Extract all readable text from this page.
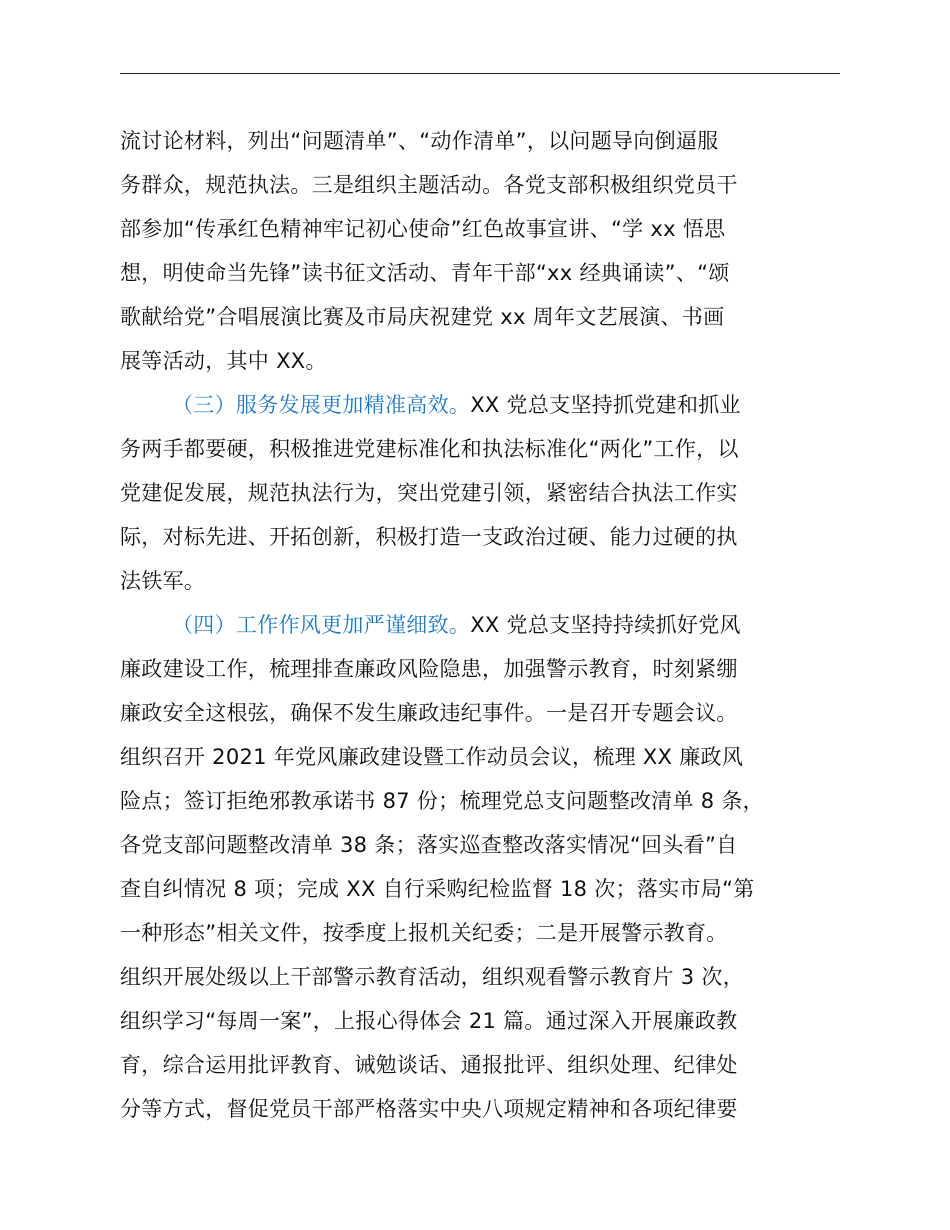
流讨论材料，列出“问题清单”、“动作清单”，以问题导向倒逼服
务群众，规范执法。三是组织主题活动。各党支部积极组织党员干
部参加“传承红色精神牢记初心使命”红色故事宣讲、“学 xx 悟思
想，明使命当先锋”读书征文活动、青年干部“xx 经典诵读”、“颂
歌献给党”合唱展演比赛及市局庆祝建党 xx 周年文艺展演、书画
展等活动，其中 XX。
（三）服务发展更加精准高效。XX 党总支坚持抓党建和抓业
务两手都要硬，积极推进党建标准化和执法标准化“两化”工作，以
党建促发展，规范执法行为，突出党建引领，紧密结合执法工作实
际，对标先进、开拓创新，积极打造一支政治过硬、能力过硬的执
法铁军。
（四）工作作风更加严谨细致。XX 党总支坚持持续抓好党风
廉政建设工作，梳理排查廉政风险隐患，加强警示教育，时刻紧绷
廉政安全这根弦，确保不发生廉政违纪事件。一是召开专题会议。
组织召开 2021 年党风廉政建设暨工作动员会议，梳理 XX 廉政风
险点；签订拒绝邪教承诺书 87 份；梳理党总支问题整改清单 8 条，
各党支部问题整改清单 38 条；落实巡查整改落实情况“回头看”自
查自纠情况 8 项；完成 XX 自行采购纪检监督 18 次；落实市局“第
一种形态”相关文件，按季度上报机关纪委；二是开展警示教育。
组织开展处级以上干部警示教育活动，组织观看警示教育片 3 次，
组织学习“每周一案”，上报心得体会 21 篇。通过深入开展廉政教
育，综合运用批评教育、诫勉谈话、通报批评、组织处理、纪律处
分等方式，督促党员干部严格落实中央八项规定精神和各项纪律要
